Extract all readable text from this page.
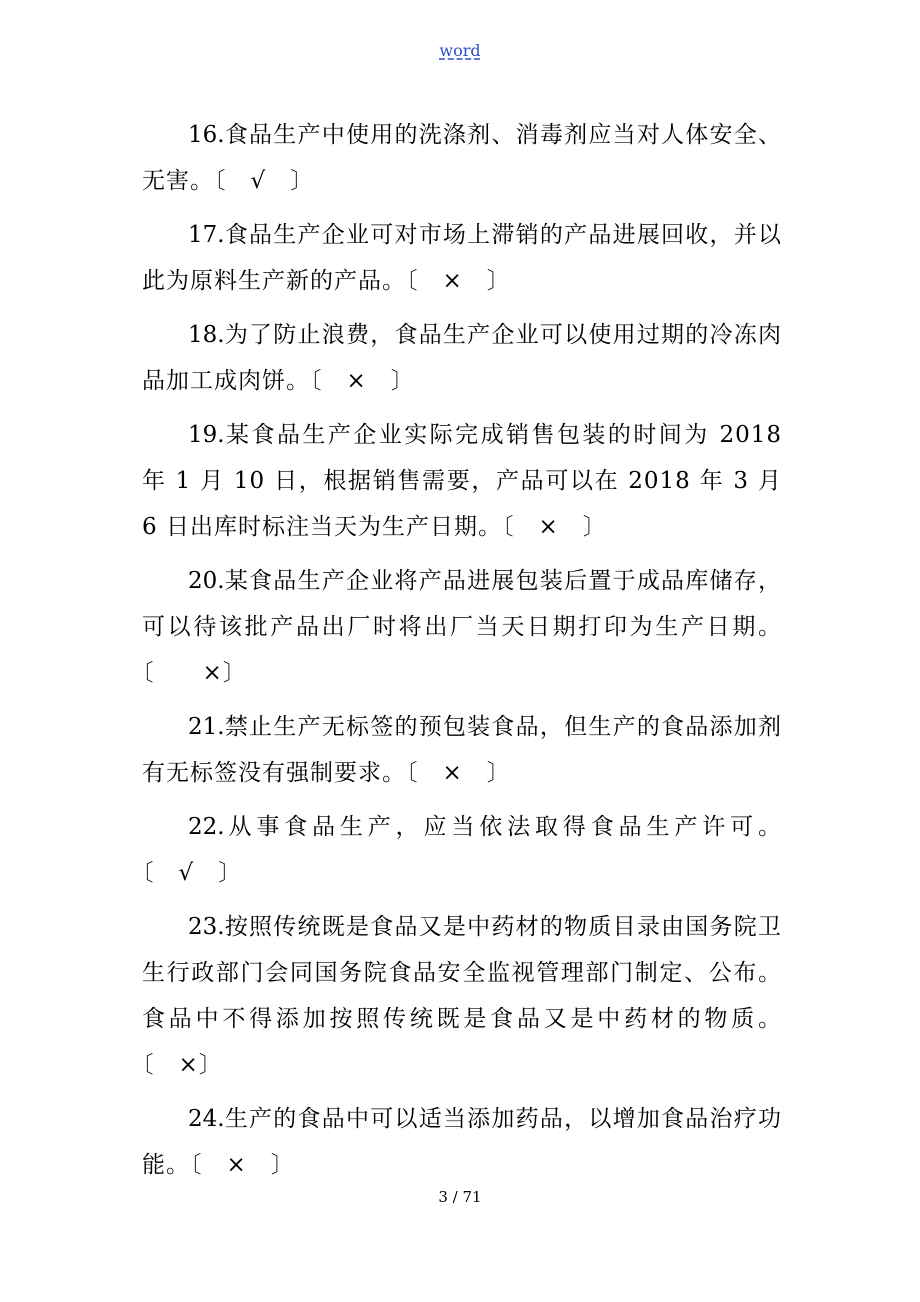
word

16.食品生产中使用的洗涤剂、消毒剂应当对人体安全、无害。〔　√　〕

17.食品生产企业可对市场上滞销的产品进展回收，并以此为原料生产新的产品。〔　×　〕

18.为了防止浪费，食品生产企业可以使用过期的冷冻肉品加工成肉饼。〔　×　〕

19.某食品生产企业实际完成销售包装的时间为 2018 年 1 月 10 日，根据销售需要，产品可以在 2018 年 3 月 6 日出库时标注当天为生产日期。〔　×　〕

20.某食品生产企业将产品进展包装后置于成品库储存，可以待该批产品出厂时将出厂当天日期打印为生产日期。〔　　×〕

21.禁止生产无标签的预包装食品，但生产的食品添加剂有无标签没有强制要求。〔　×　〕

22.从事食品生产，应当依法取得食品生产许可。〔　√　〕

23.按照传统既是食品又是中药材的物质目录由国务院卫生行政部门会同国务院食品安全监视管理部门制定、公布。食品中不得添加按照传统既是食品又是中药材的物质。〔　×〕

24.生产的食品中可以适当添加药品，以增加食品治疗功能。〔　×　〕

3 / 71
